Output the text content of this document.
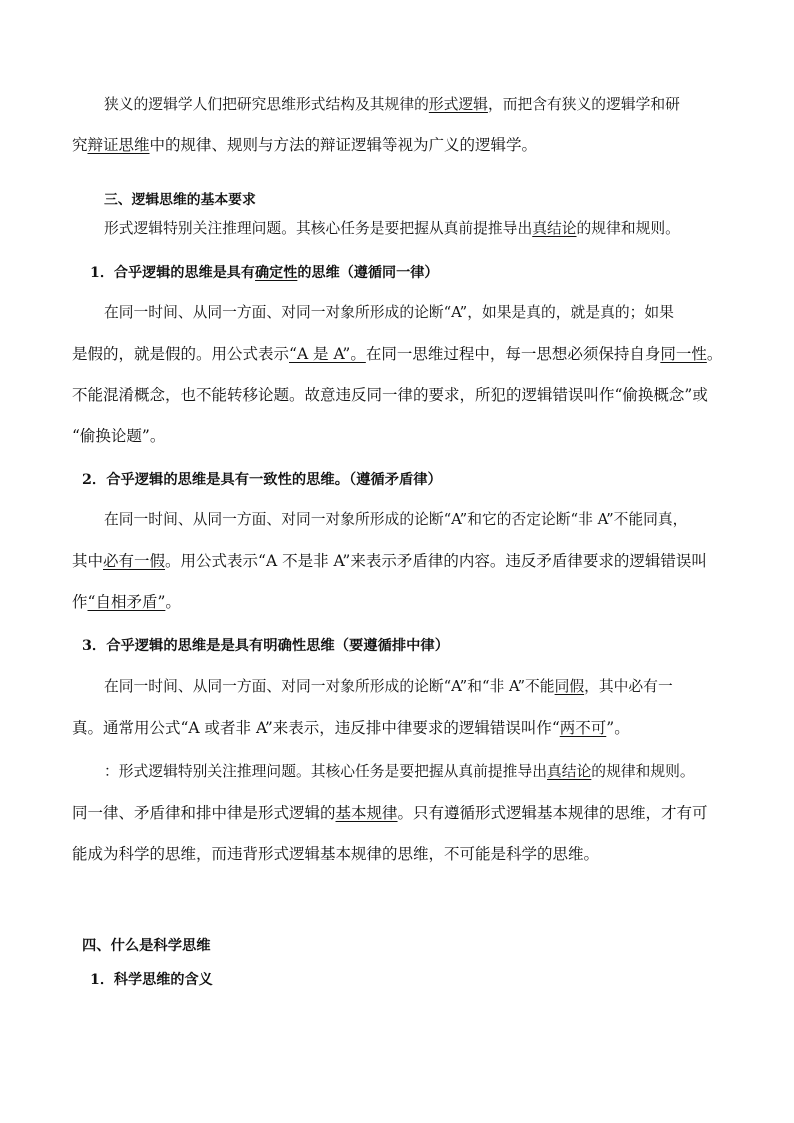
狭义的逻辑学人们把研究思维形式结构及其规律的形式逻辑，而把含有狭义的逻辑学和研
究辩证思维中的规律、规则与方法的辩证逻辑等视为广义的逻辑学。
三、逻辑思维的基本要求
形式逻辑特别关注推理问题。其核心任务是要把握从真前提推导出真结论的规律和规则。
1．合乎逻辑的思维是具有确定性的思维（遵循同一律）
在同一时间、从同一方面、对同一对象所形成的论断“A”，如果是真的，就是真的；如果
是假的，就是假的。用公式表示“A 是 A”。在同一思维过程中，每一思想必须保持自身同一性。
不能混淆概念，也不能转移论题。故意违反同一律的要求，所犯的逻辑错误叫作“偷换概念”或
“偷换论题”。
2．合乎逻辑的思维是具有一致性的思维。（遵循矛盾律）
在同一时间、从同一方面、对同一对象所形成的论断“A”和它的否定论断“非 A”不能同真，
其中必有一假。用公式表示“A 不是非 A”来表示矛盾律的内容。违反矛盾律要求的逻辑错误叫
作“自相矛盾”。
3．合乎逻辑的思维是是具有明确性思维（要遵循排中律）
在同一时间、从同一方面、对同一对象所形成的论断“A”和“非 A”不能同假，其中必有一
真。通常用公式“A 或者非 A”来表示，违反排中律要求的逻辑错误叫作“两不可”。
：形式逻辑特别关注推理问题。其核心任务是要把握从真前提推导出真结论的规律和规则。
同一律、矛盾律和排中律是形式逻辑的基本规律。只有遵循形式逻辑基本规律的思维，才有可
能成为科学的思维，而违背形式逻辑基本规律的思维，不可能是科学的思维。
四、什么是科学思维
1．科学思维的含义
